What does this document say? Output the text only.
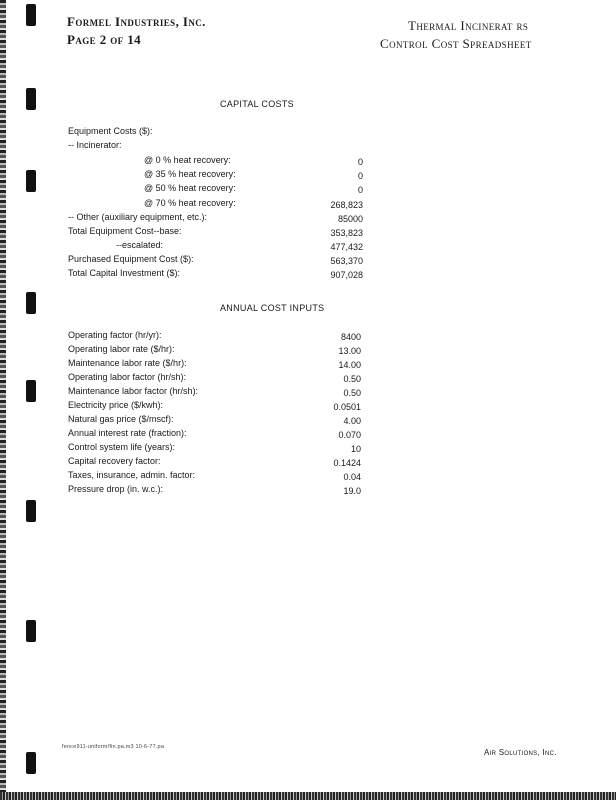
Formel Industries, Inc.
Page 2 of 14
Thermal Incinerat rs
Control Cost Spreadsheet
CAPITAL COSTS
Equipment Costs ($):
-- Incinerator:
@ 0 % heat recovery:	0
@ 35 % heat recovery:	0
@ 50 % heat recovery:	0
@ 70 % heat recovery:	268,823
-- Other (auxiliary equipment, etc.):	85000
Total Equipment Cost--base:	353,823
--escalated:	477,432
Purchased Equipment Cost ($):	563,370
Total Capital Investment ($):	907,028
ANNUAL COST INPUTS
Operating factor (hr/yr):	8400
Operating labor rate ($/hr):	13.00
Maintenance labor rate ($/hr):	14.00
Operating labor factor (hr/sh):	0.50
Maintenance labor factor (hr/sh):	0.50
Electricity price ($/kwh):	0.0501
Natural gas price ($/mscf):	4.00
Annual interest rate (fraction):	0.070
Control system life (years):	10
Capital recovery factor:	0.1424
Taxes, insurance, admin. factor:	0.04
Pressure drop (in. w.c.):	19.0
fence911-uniform/fin.pa.m3 10-6-77.pa
Air Solutions, Inc.
